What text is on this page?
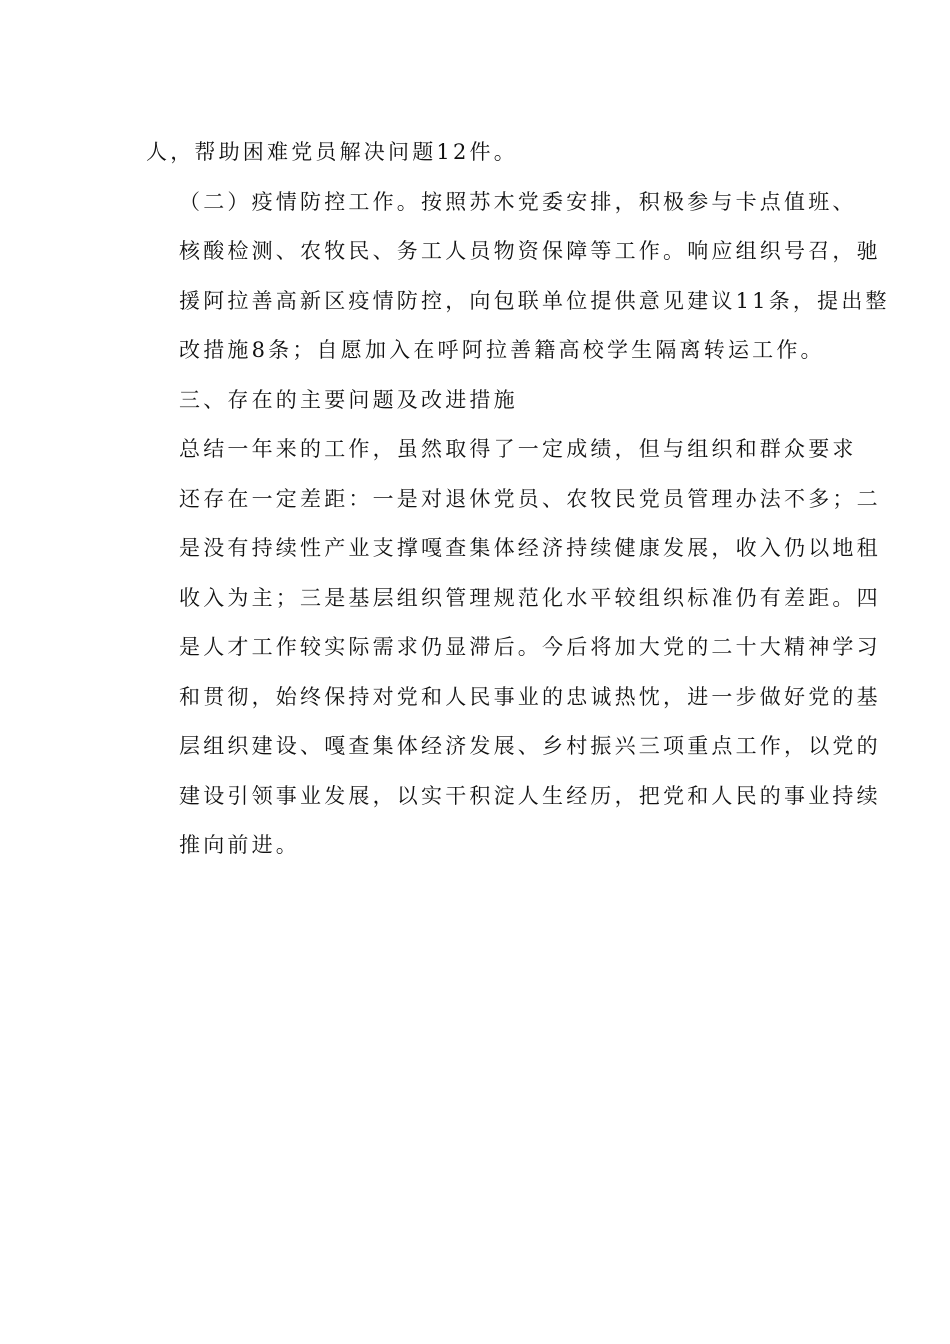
人，帮助困难党员解决问题12件。

（二）疫情防控工作。按照苏木党委安排，积极参与卡点值班、
核酸检测、农牧民、务工人员物资保障等工作。响应组织号召，驰
援阿拉善高新区疫情防控，向包联单位提供意见建议11条，提出整
改措施8条；自愿加入在呼阿拉善籍高校学生隔离转运工作。

三、存在的主要问题及改进措施

总结一年来的工作，虽然取得了一定成绩，但与组织和群众要求
还存在一定差距：一是对退休党员、农牧民党员管理办法不多；二
是没有持续性产业支撑嘎查集体经济持续健康发展，收入仍以地租
收入为主；三是基层组织管理规范化水平较组织标准仍有差距。四
是人才工作较实际需求仍显滞后。今后将加大党的二十大精神学习
和贯彻，始终保持对党和人民事业的忠诚热忱，进一步做好党的基
层组织建设、嘎查集体经济发展、乡村振兴三项重点工作，以党的
建设引领事业发展，以实干积淀人生经历，把党和人民的事业持续
推向前进。
